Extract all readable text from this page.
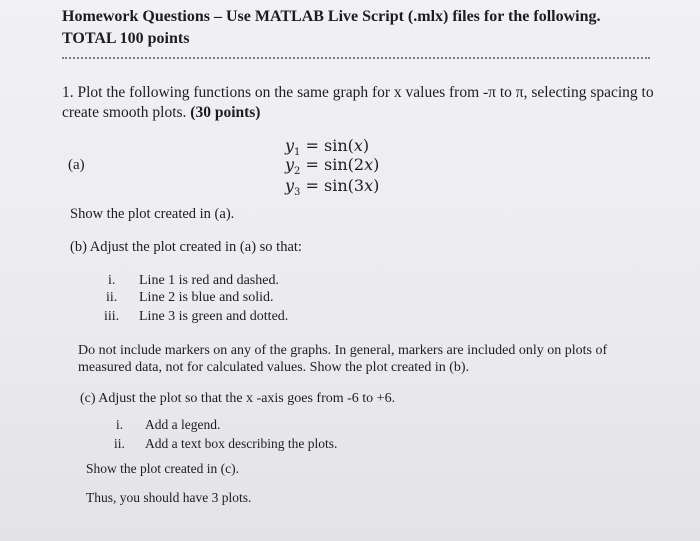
Homework Questions – Use MATLAB Live Script (.mlx) files for the following.
TOTAL 100 points
1. Plot the following functions on the same graph for x values from -π to π, selecting spacing to
create smooth plots. (30 points)
(a)
$y_1 = \sin(x)$
$y_2 = \sin(2x)$
$y_3 = \sin(3x)$
Show the plot created in (a).
(b) Adjust the plot created in (a) so that:
i. Line 1 is red and dashed.
ii. Line 2 is blue and solid.
iii. Line 3 is green and dotted.
Do not include markers on any of the graphs. In general, markers are included only on plots of
measured data, not for calculated values. Show the plot created in (b).
(c) Adjust the plot so that the x -axis goes from -6 to +6.
i. Add a legend.
ii. Add a text box describing the plots.
Show the plot created in (c).
Thus, you should have 3 plots.
